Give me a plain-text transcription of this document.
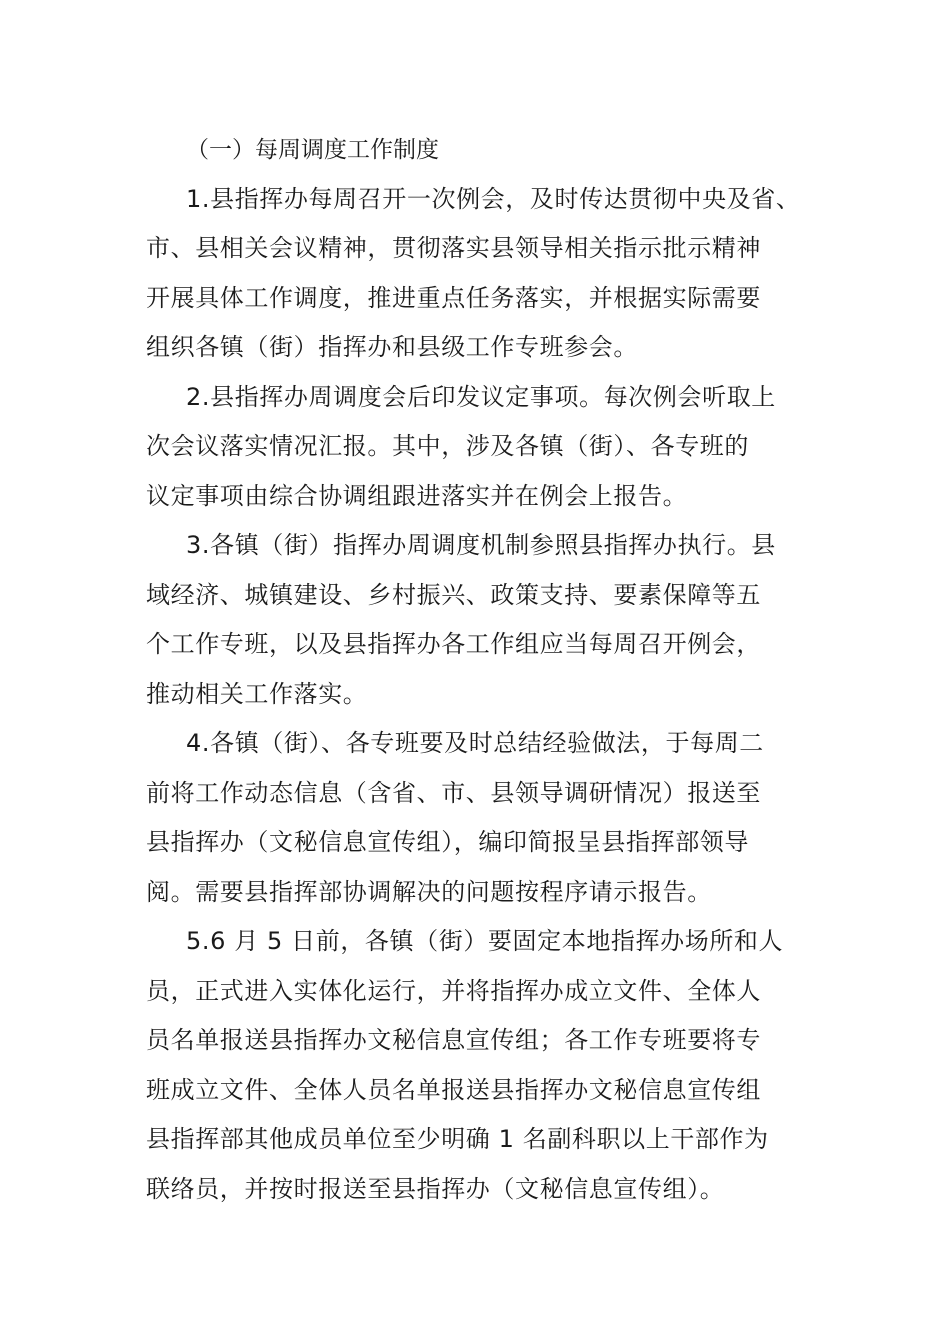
（一）每周调度工作制度
1.县指挥办每周召开一次例会，及时传达贯彻中央及省、
市、县相关会议精神，贯彻落实县领导相关指示批示精神
开展具体工作调度，推进重点任务落实，并根据实际需要
组织各镇（街）指挥办和县级工作专班参会。
2.县指挥办周调度会后印发议定事项。每次例会听取上
次会议落实情况汇报。其中，涉及各镇（街）、各专班的
议定事项由综合协调组跟进落实并在例会上报告。
3.各镇（街）指挥办周调度机制参照县指挥办执行。县
域经济、城镇建设、乡村振兴、政策支持、要素保障等五
个工作专班，以及县指挥办各工作组应当每周召开例会，
推动相关工作落实。
4.各镇（街）、各专班要及时总结经验做法，于每周二
前将工作动态信息（含省、市、县领导调研情况）报送至
县指挥办（文秘信息宣传组），编印简报呈县指挥部领导
阅。需要县指挥部协调解决的问题按程序请示报告。
5.6 月 5 日前，各镇（街）要固定本地指挥办场所和人
员，正式进入实体化运行，并将指挥办成立文件、全体人
员名单报送县指挥办文秘信息宣传组；各工作专班要将专
班成立文件、全体人员名单报送县指挥办文秘信息宣传组
县指挥部其他成员单位至少明确 1 名副科职以上干部作为
联络员，并按时报送至县指挥办（文秘信息宣传组）。
